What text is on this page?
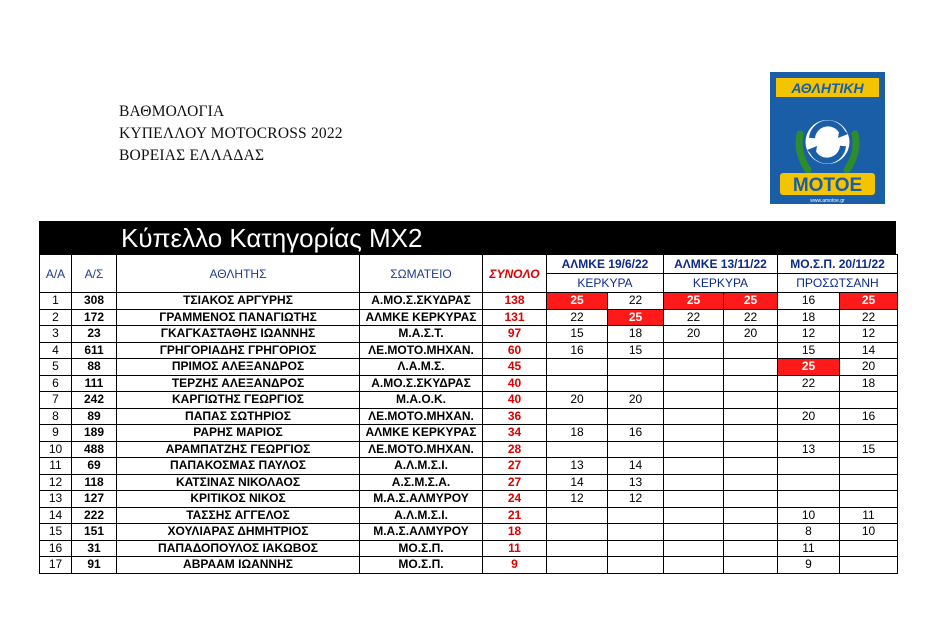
ΒΑΘΜΟΛΟΓΙΑ
ΚΥΠΕΛΛΟΥ MOTOCROSS 2022
ΒΟΡΕΙΑΣ ΕΛΛΑΔΑΣ
ΑΘΛΗΤΙΚΗ
ΜΟΤΟΕ
www.amotoe.gr
Κύπελλο Κατηγορίας ΜΧ2
Α/Α	Α/Σ	ΑΘΛΗΤΗΣ	ΣΩΜΑΤΕΙΟ	ΣΥΝΟΛΟ	ΑΛΜΚΕ 19/6/22		ΑΛΜΚΕ 13/11/22		ΜΟ.Σ.Π. 20/11/22	
					ΚΕΡΚΥΡΑ		ΚΕΡΚΥΡΑ		ΠΡΟΣΩΤΣΑΝΗ	
1	308	ΤΣΙΑΚΟΣ ΑΡΓΥΡΗΣ	Α.ΜΟ.Σ.ΣΚΥΔΡΑΣ	138	25	22	25	25	16	25
2	172	ΓΡΑΜΜΕΝΟΣ ΠΑΝΑΓΙΩΤΗΣ	ΑΛΜΚΕ ΚΕΡΚΥΡΑΣ	131	22	25	22	22	18	22
3	23	ΓΚΑΓΚΑΣΤΑΘΗΣ ΙΩΑΝΝΗΣ	Μ.Α.Σ.Τ.	97	15	18	20	20	12	12
4	611	ΓΡΗΓΟΡΙΑΔΗΣ ΓΡΗΓΟΡΙΟΣ	ΛΕ.ΜΟΤΟ.ΜΗΧΑΝ.	60	16	15			15	14
5	88	ΠΡΙΜΟΣ ΑΛΕΞΑΝΔΡΟΣ	Λ.Α.Μ.Σ.	45					25	20
6	111	ΤΕΡΖΗΣ ΑΛΕΞΑΝΔΡΟΣ	Α.ΜΟ.Σ.ΣΚΥΔΡΑΣ	40					22	18
7	242	ΚΑΡΓΙΩΤΗΣ ΓΕΩΡΓΙΟΣ	Μ.Α.Ο.Κ.	40	20	20				
8	89	ΠΑΠΑΣ ΣΩΤΗΡΙΟΣ	ΛΕ.ΜΟΤΟ.ΜΗΧΑΝ.	36					20	16
9	189	ΡΑΡΗΣ ΜΑΡΙΟΣ	ΑΛΜΚΕ ΚΕΡΚΥΡΑΣ	34	18	16				
10	488	ΑΡΑΜΠΑΤΖΗΣ ΓΕΩΡΓΙΟΣ	ΛΕ.ΜΟΤΟ.ΜΗΧΑΝ.	28					13	15
11	69	ΠΑΠΑΚΟΣΜΑΣ ΠΑΥΛΟΣ	Α.Λ.Μ.Σ.Ι.	27	13	14				
12	118	ΚΑΤΣΙΝΑΣ ΝΙΚΟΛΑΟΣ	Α.Σ.Μ.Σ.Α.	27	14	13				
13	127	ΚΡΙΤΙΚΟΣ ΝΙΚΟΣ	Μ.Α.Σ.ΑΛΜΥΡΟΥ	24	12	12				
14	222	ΤΑΣΣΗΣ ΑΓΓΕΛΟΣ	Α.Λ.Μ.Σ.Ι.	21					10	11
15	151	ΧΟΥΛΙΑΡΑΣ ΔΗΜΗΤΡΙΟΣ	Μ.Α.Σ.ΑΛΜΥΡΟΥ	18					8	10
16	31	ΠΑΠΑΔΟΠΟΥΛΟΣ ΙΑΚΩΒΟΣ	ΜΟ.Σ.Π.	11					11	
17	91	ΑΒΡΑΑΜ ΙΩΑΝΝΗΣ	ΜΟ.Σ.Π.	9					9	
